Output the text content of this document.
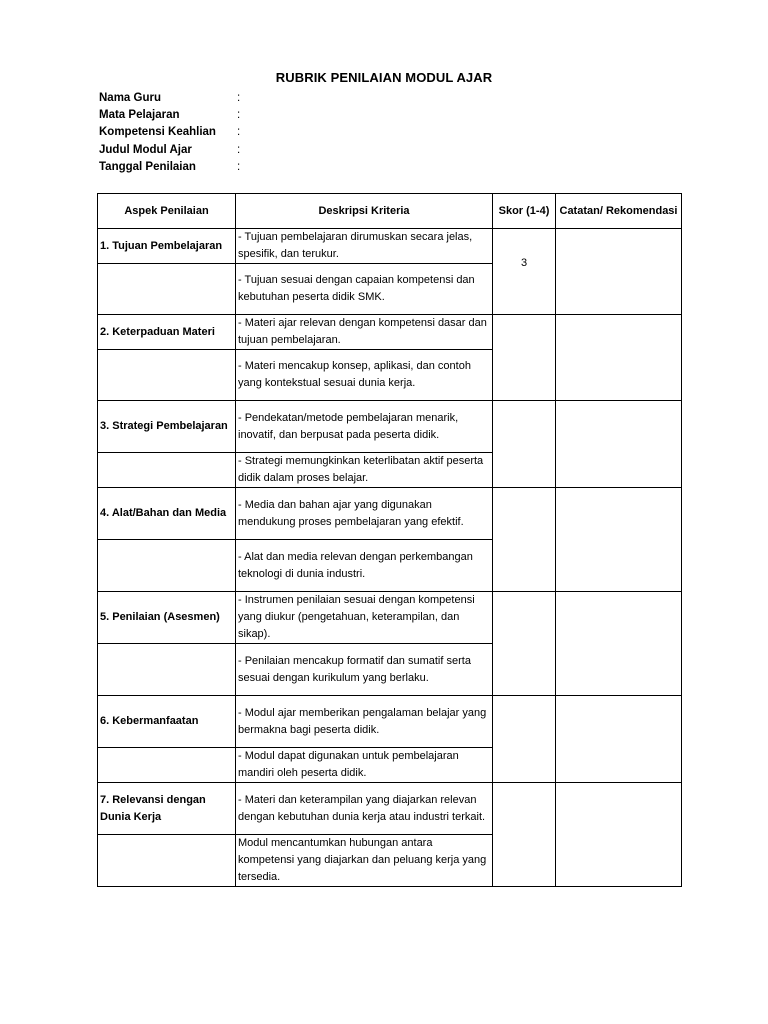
RUBRIK PENILAIAN MODUL AJAR
Nama Guru	:
Mata Pelajaran	:
Kompetensi Keahlian :
Judul Modul Ajar	:
Tanggal Penilaian	:
Aspek Penilaian	Deskripsi Kriteria	Skor (1-4)	Catatan/ Rekomendasi
1. Tujuan Pembelajaran	- Tujuan pembelajaran dirumuskan secara jelas, spesifik, dan terukur.	3	

	- Tujuan sesuai dengan capaian kompetensi dan kebutuhan peserta didik SMK.		
2. Keterpaduan Materi	- Materi ajar relevan dengan kompetensi dasar dan tujuan pembelajaran.	

	- Materi mencakup konsep, aplikasi, dan contoh yang kontekstual sesuai dunia kerja.		
3. Strategi Pembelajaran	- Pendekatan/metode pembelajaran menarik, inovatif, dan berpusat pada peserta didik.	

	- Strategi memungkinkan keterlibatan aktif peserta didik dalam proses belajar.		
4. Alat/Bahan dan Media	- Media dan bahan ajar yang digunakan mendukung proses pembelajaran yang efektif.	

	- Alat dan media relevan dengan perkembangan teknologi di dunia industri.		
5. Penilaian (Asesmen)	- Instrumen penilaian sesuai dengan kompetensi yang diukur (pengetahuan, keterampilan, dan sikap).	

	- Penilaian mencakup formatif dan sumatif serta sesuai dengan kurikulum yang berlaku.		
6. Kebermanfaatan	- Modul ajar memberikan pengalaman belajar yang bermakna bagi peserta didik.	

	- Modul dapat digunakan untuk pembelajaran mandiri oleh peserta didik.		
7. Relevansi dengan Dunia Kerja	- Materi dan keterampilan yang diajarkan relevan dengan kebutuhan dunia kerja atau industri terkait.	

	Modul mencantumkan hubungan antara kompetensi yang diajarkan dan peluang kerja yang tersedia.		
